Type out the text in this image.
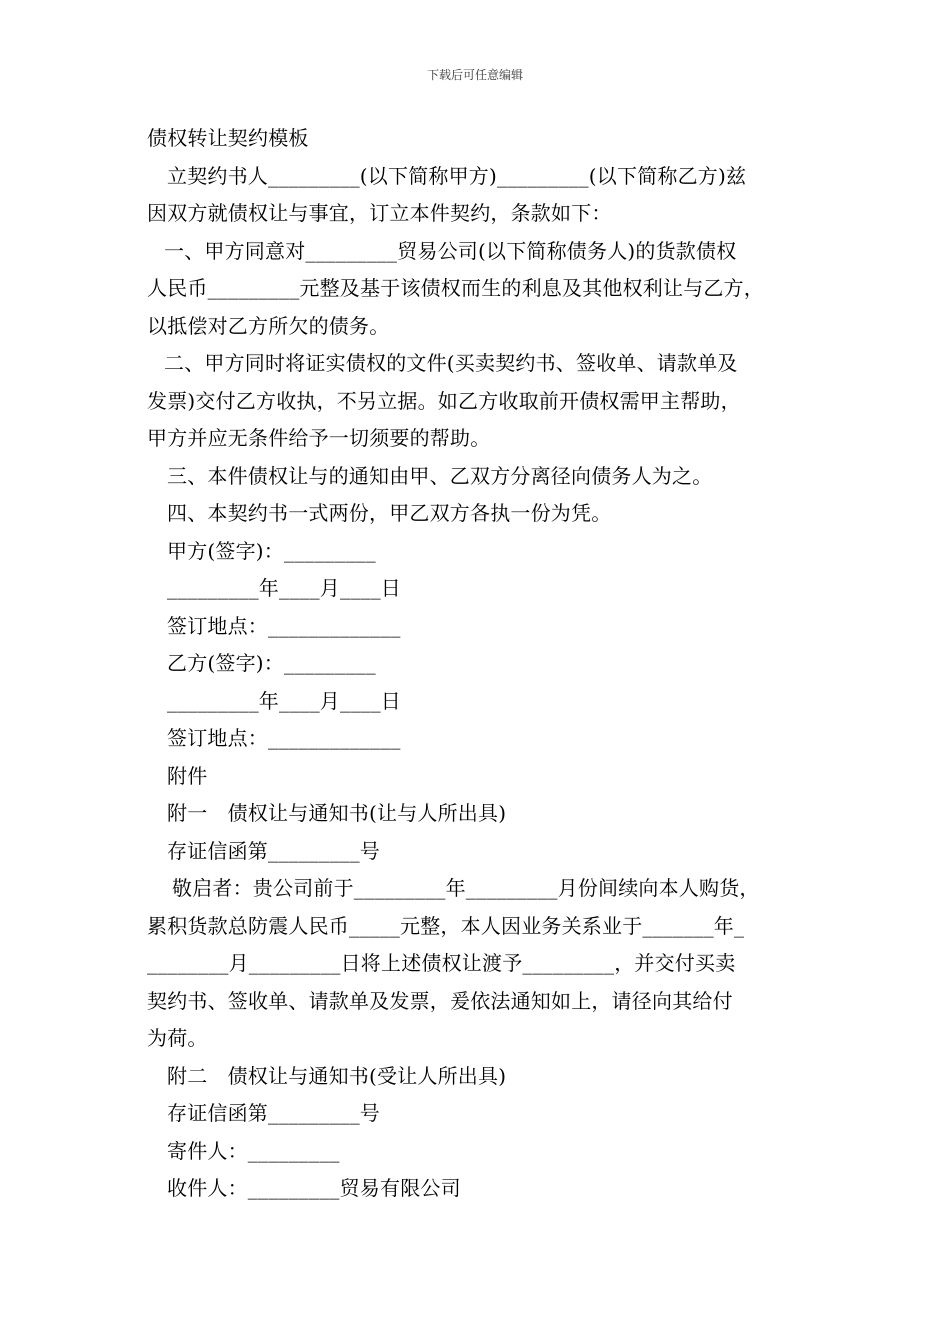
下载后可任意编辑
债权转让契约模板
立契约书人_________(以下简称甲方)_________(以下简称乙方)兹
因双方就债权让与事宜，订立本件契约，条款如下：
一、甲方同意对_________贸易公司(以下简称债务人)的货款债权
人民币_________元整及基于该债权而生的利息及其他权利让与乙方，
以抵偿对乙方所欠的债务。
二、甲方同时将证实债权的文件(买卖契约书、签收单、请款单及
发票)交付乙方收执，不另立据。如乙方收取前开债权需甲主帮助，
甲方并应无条件给予一切须要的帮助。
三、本件债权让与的通知由甲、乙双方分离径向债务人为之。
四、本契约书一式两份，甲乙双方各执一份为凭。
甲方(签字)：_________
_________年____月____日
签订地点：_____________
乙方(签字)：_________
_________年____月____日
签订地点：_____________
附件
附一　债权让与通知书(让与人所出具)
存证信函第_________号
敬启者：贵公司前于_________年_________月份间续向本人购货，
累积货款总防震人民币_____元整，本人因业务关系业于_______年_
________月_________日将上述债权让渡予_________，并交付买卖
契约书、签收单、请款单及发票，爰依法通知如上，请径向其给付
为荷。
附二　债权让与通知书(受让人所出具)
存证信函第_________号
寄件人：_________
收件人：_________贸易有限公司
